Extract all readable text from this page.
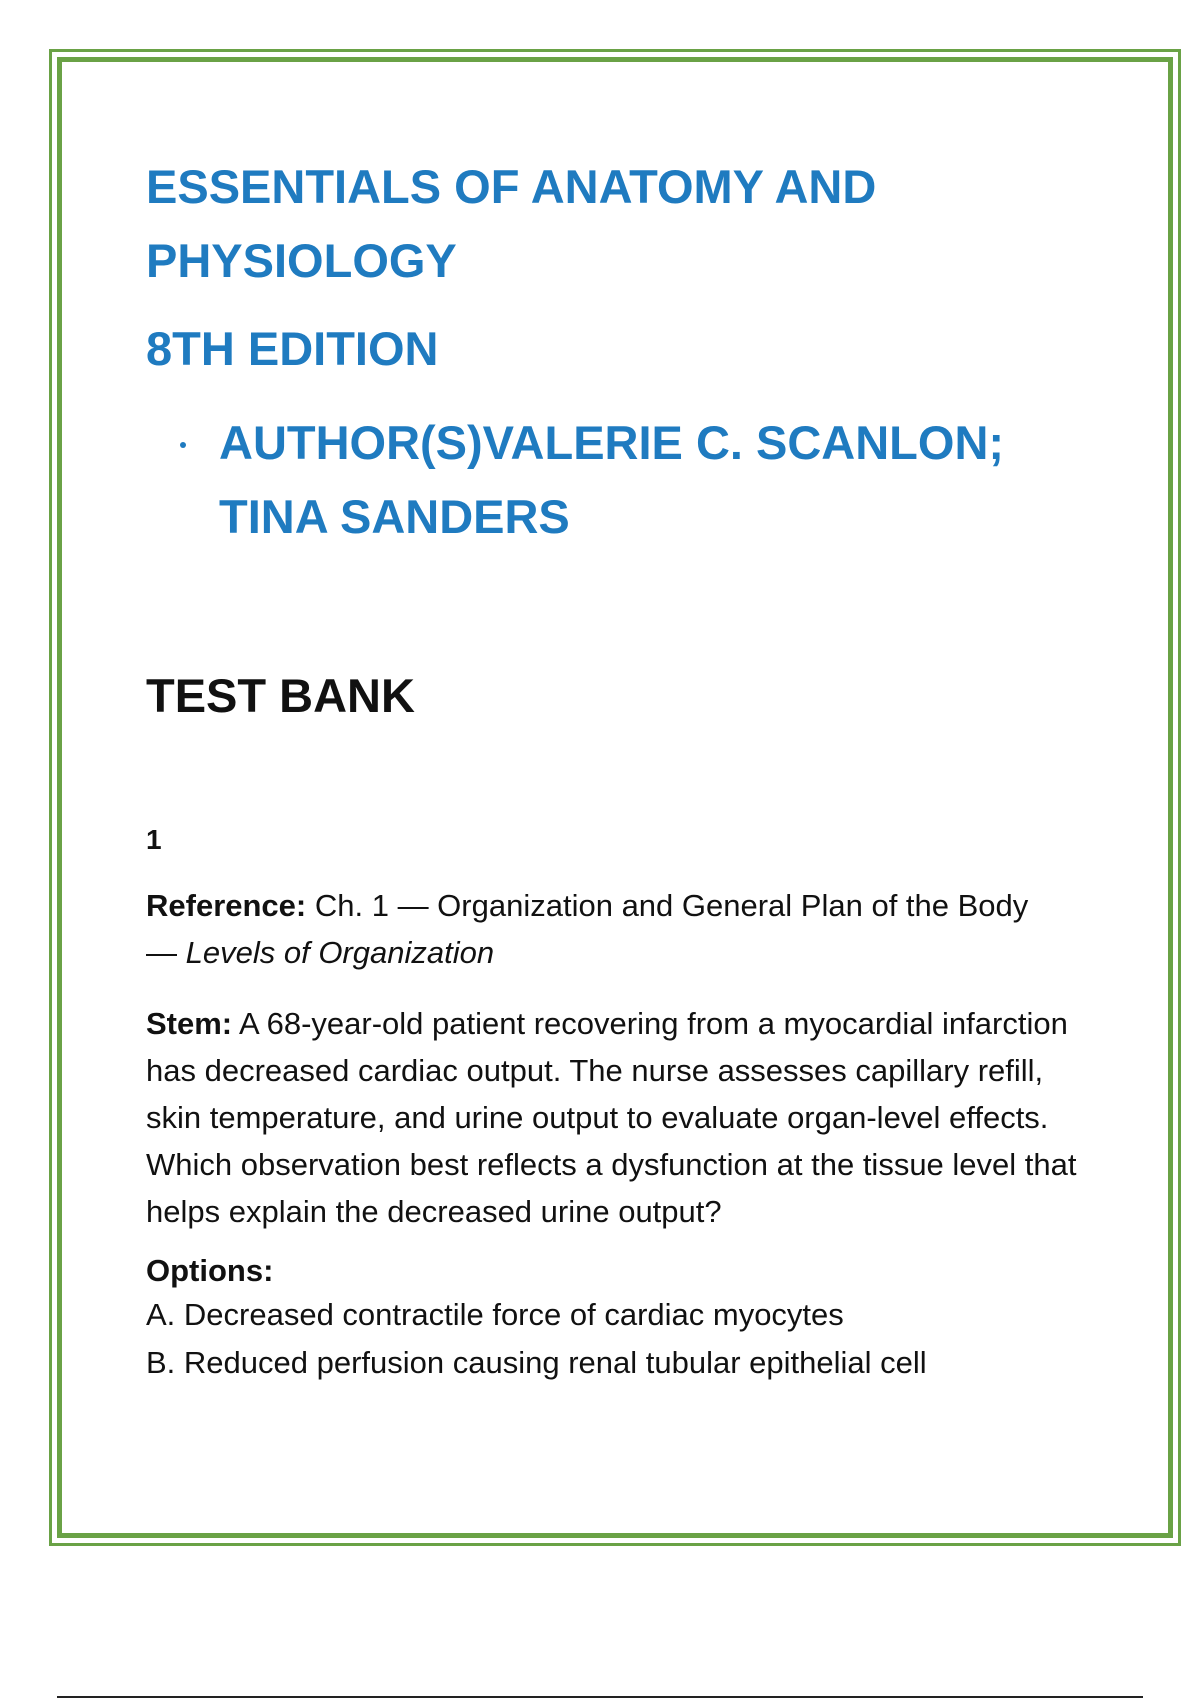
ESSENTIALS OF ANATOMY AND
PHYSIOLOGY
8TH EDITION
AUTHOR(S)VALERIE C. SCANLON;
TINA SANDERS
TEST BANK
1

Reference: Ch. 1 — Organization and General Plan of the Body
— Levels of Organization

Stem: A 68-year-old patient recovering from a myocardial infarction has decreased cardiac output. The nurse assesses capillary refill, skin temperature, and urine output to evaluate organ-level effects. Which observation best reflects a dysfunction at the tissue level that helps explain the decreased urine output?

Options:
A. Decreased contractile force of cardiac myocytes
B. Reduced perfusion causing renal tubular epithelial cell
